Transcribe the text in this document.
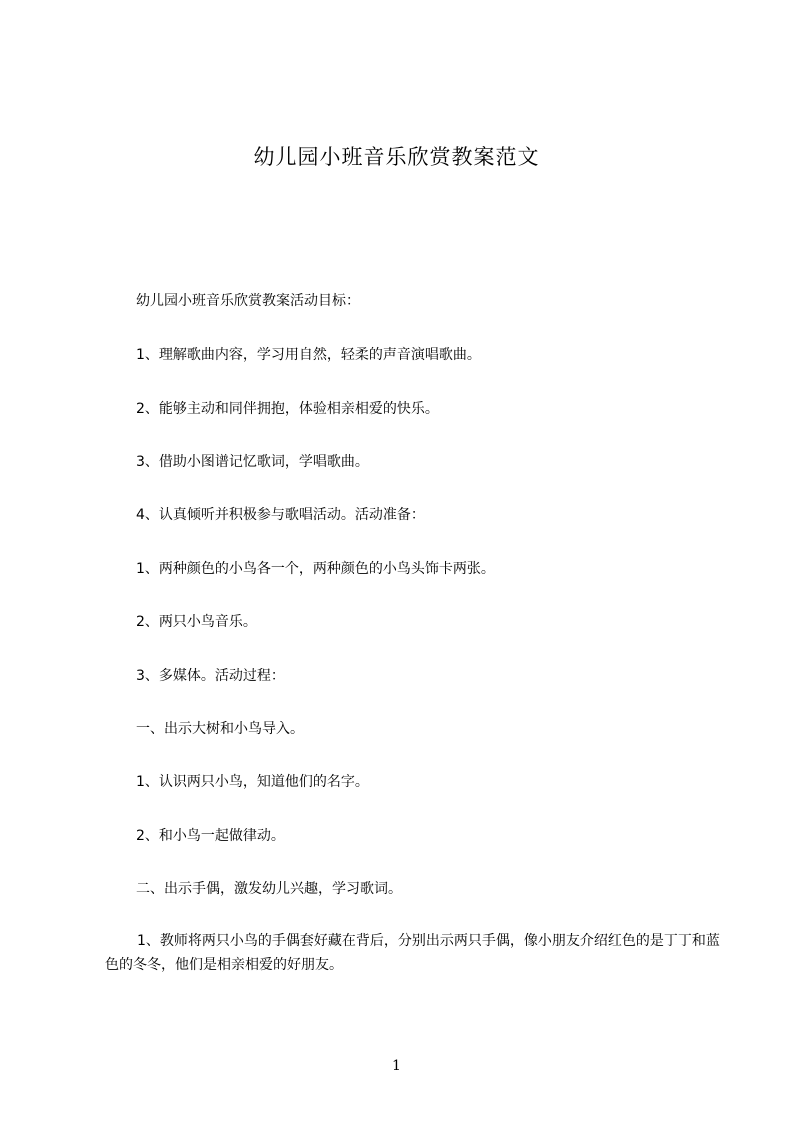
幼儿园小班音乐欣赏教案范文

幼儿园小班音乐欣赏教案活动目标：

1、理解歌曲内容，学习用自然，轻柔的声音演唱歌曲。

2、能够主动和同伴拥抱，体验相亲相爱的快乐。

3、借助小图谱记忆歌词，学唱歌曲。

4、认真倾听并积极参与歌唱活动。活动准备：

1、两种颜色的小鸟各一个，两种颜色的小鸟头饰卡两张。

2、两只小鸟音乐。

3、多媒体。活动过程：

一、出示大树和小鸟导入。

1、认识两只小鸟，知道他们的名字。

2、和小鸟一起做律动。

二、出示手偶，激发幼儿兴趣，学习歌词。

1、教师将两只小鸟的手偶套好藏在背后，分别出示两只手偶，像小朋友介绍红色的是丁丁和蓝色的冬冬，他们是相亲相爱的好朋友。

1
